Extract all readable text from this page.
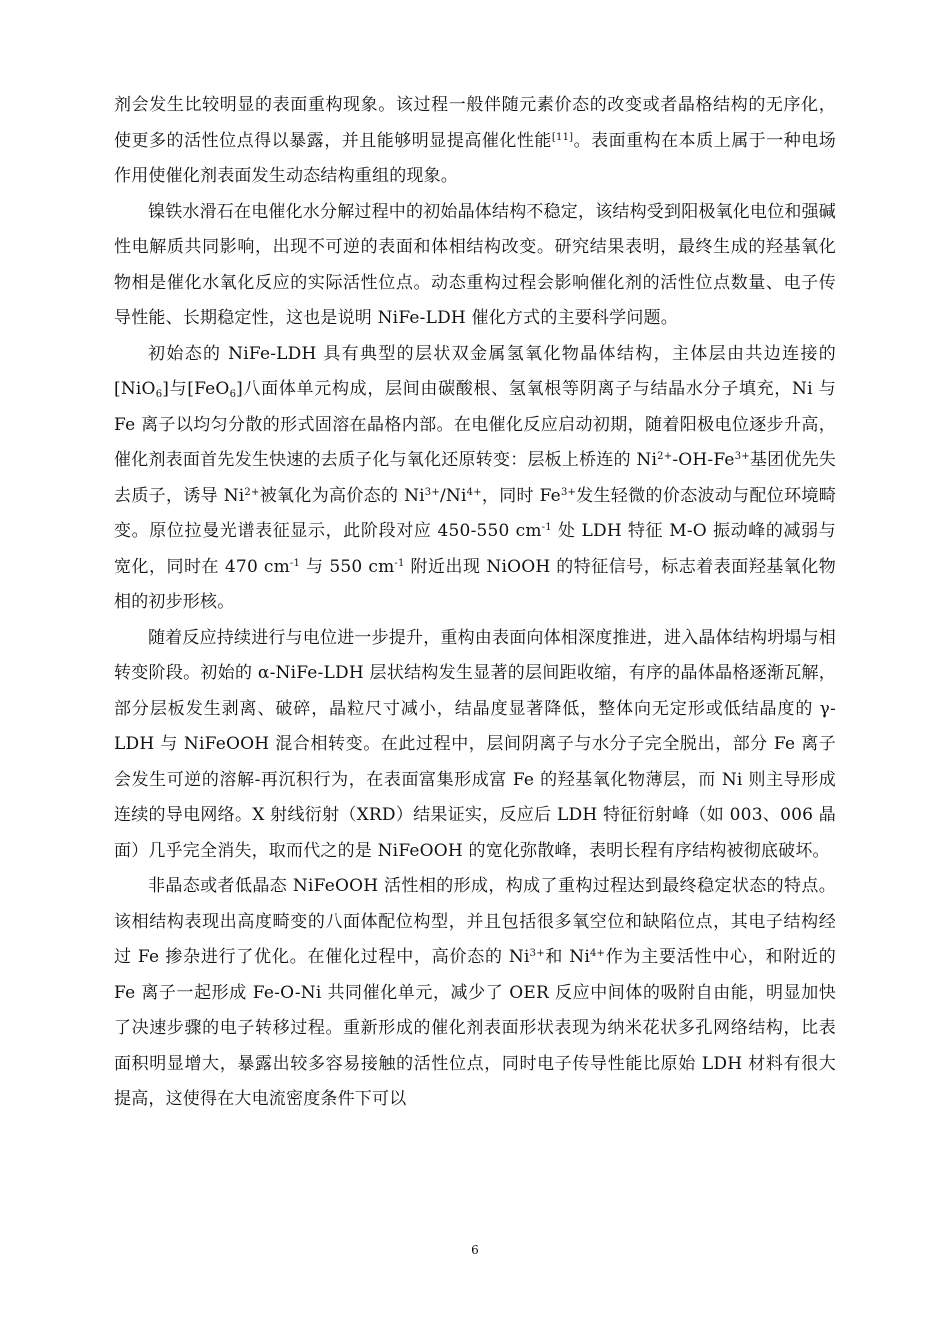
剂会发生比较明显的表面重构现象。该过程一般伴随元素价态的改变或者晶格结构的无序化，使更多的活性位点得以暴露，并且能够明显提高催化性能[11]。表面重构在本质上属于一种电场作用使催化剂表面发生动态结构重组的现象。

镍铁水滑石在电催化水分解过程中的初始晶体结构不稳定，该结构受到阳极氧化电位和强碱性电解质共同影响，出现不可逆的表面和体相结构改变。研究结果表明，最终生成的羟基氧化物相是催化水氧化反应的实际活性位点。动态重构过程会影响催化剂的活性位点数量、电子传导性能、长期稳定性，这也是说明 NiFe-LDH 催化方式的主要科学问题。

初始态的 NiFe-LDH 具有典型的层状双金属氢氧化物晶体结构，主体层由共边连接的[NiO$_6$]与[FeO$_6$]八面体单元构成，层间由碳酸根、氢氧根等阴离子与结晶水分子填充，Ni 与 Fe 离子以均匀分散的形式固溶在晶格内部。在电催化反应启动初期，随着阳极电位逐步升高，催化剂表面首先发生快速的去质子化与氧化还原转变：层板上桥连的 $Ni^{2+}-OH-Fe^{3+}$基团优先失去质子，诱导 $Ni^{2+}$被氧化为高价态的 $Ni^{3+}/Ni^{4+}$，同时 $Fe^{3+}$发生轻微的价态波动与配位环境畸变。原位拉曼光谱表征显示，此阶段对应 450-550 $cm^{-1}$ 处 LDH 特征 M-O 振动峰的减弱与宽化，同时在 470 $cm^{-1}$ 与 550 $cm^{-1}$ 附近出现 NiOOH 的特征信号，标志着表面羟基氧化物相的初步形核。

随着反应持续进行与电位进一步提升，重构由表面向体相深度推进，进入晶体结构坍塌与相转变阶段。初始的 α-NiFe-LDH 层状结构发生显著的层间距收缩，有序的晶体晶格逐渐瓦解，部分层板发生剥离、破碎，晶粒尺寸减小，结晶度显著降低，整体向无定形或低结晶度的 γ-LDH 与 NiFeOOH 混合相转变。在此过程中，层间阴离子与水分子完全脱出，部分 Fe 离子会发生可逆的溶解-再沉积行为，在表面富集形成富 Fe 的羟基氧化物薄层，而 Ni 则主导形成连续的导电网络。X 射线衍射（XRD）结果证实，反应后 LDH 特征衍射峰（如 003、006 晶面）几乎完全消失，取而代之的是 NiFeOOH 的宽化弥散峰，表明长程有序结构被彻底破坏。

非晶态或者低晶态 NiFeOOH 活性相的形成，构成了重构过程达到最终稳定状态的特点。该相结构表现出高度畸变的八面体配位构型，并且包括很多氧空位和缺陷位点，其电子结构经过 Fe 掺杂进行了优化。在催化过程中，高价态的 $Ni^{3+}$和 $Ni^{4+}$作为主要活性中心，和附近的 Fe 离子一起形成 Fe-O-Ni 共同催化单元，减少了 OER 反应中间体的吸附自由能，明显加快了决速步骤的电子转移过程。重新形成的催化剂表面形状表现为纳米花状多孔网络结构，比表面积明显增大，暴露出较多容易接触的活性位点，同时电子传导性能比原始 LDH 材料有很大提高，这使得在大电流密度条件下可以

6
